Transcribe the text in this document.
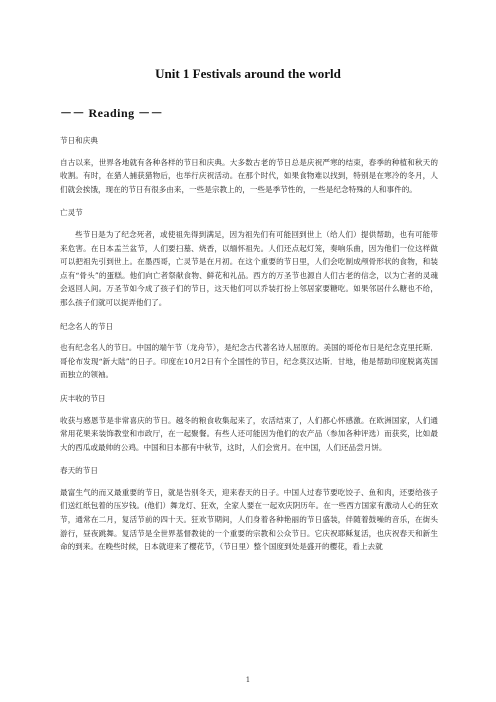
Unit 1 Festivals around the world
－－ Reading －－
节日和庆典
自古以来，世界各地就有各种各样的节日和庆典。大多数古老的节日总是庆祝严寒的结束，春季的种植和秋天的收割。有时，在猎人捕获猎物后，也举行庆祝活动。在那个时代，如果食物难以找到，特别是在寒冷的冬月，人们就会挨饿，现在的节日有很多由来，一些是宗教上的，一些是季节性的，一些是纪念特殊的人和事件的。
亡灵节
些节日是为了纪念死者，或使祖先得到满足，因为祖先们有可能回到世上（给人们）提供帮助，也有可能带来危害。在日本盂兰盆节，人们要扫墓、烧香，以缅怀祖先。人们还点起灯笼，奏响乐曲，因为他们一位这样做可以把祖先引到世上。在墨西哥，亡灵节是在月初。在这个重要的节日里，人们会吃制成颅骨形状的食物，和装点有“骨头”的蛋糕。他们向亡者祭献食物、鲜花和礼品。西方的万圣节也源自人们古老的信念，以为亡者的灵魂会返回人间。万圣节如今成了孩子们的节日，这天他们可以乔装打扮上邻居家要糖吃。如果邻居什么糖也不给，那么孩子们就可以捉弄他们了。
纪念名人的节日
也有纪念名人的节日。中国的端午节（龙舟节），是纪念古代著名诗人屈原的。美国的哥伦布日是纪念克里托斯．哥伦布发现“新大陆”的日子。印度在10月2日有个全国性的节日，纪念莫汉达斯．甘地，他是帮助印度脱离英国而独立的领袖。
庆丰收的节日
收获与感恩节是非常喜庆的节日。越冬的粮食收集起来了，农活结束了，人们都心怀感激。在欧洲国家，人们通常用花果来装饰教堂和市政厅，在一起聚餐。有些人还可能因为他们的农产品（参加各种评选）而获奖，比如最大的西瓜或最帅的公鸡。中国和日本都有中秋节，这时，人们会赏月。在中国，人们还品尝月饼。
春天的节日
最富生气的而又最重要的节日，就是告别冬天，迎来春天的日子。中国人过春节要吃饺子、鱼和肉，还要给孩子们送红纸包着的压岁钱。(他们）舞龙灯、狂欢，全家人要在一起欢庆阴历年。在一些西方国家有激动人心的狂欢节，通常在二月，复活节前的四十天。狂欢节期间，人们身着各种艳丽的节日盛装，伴随着鼓噪的音乐，在街头游行，昼夜跳舞。复活节是全世界基督教徒的一个重要的宗教和公众节日。它庆祝耶稣复活，也庆祝春天和新生命的到来。在晚些时候，日本就迎来了樱花节，（节日里）整个国度到处是盛开的樱花，看上去就
1
